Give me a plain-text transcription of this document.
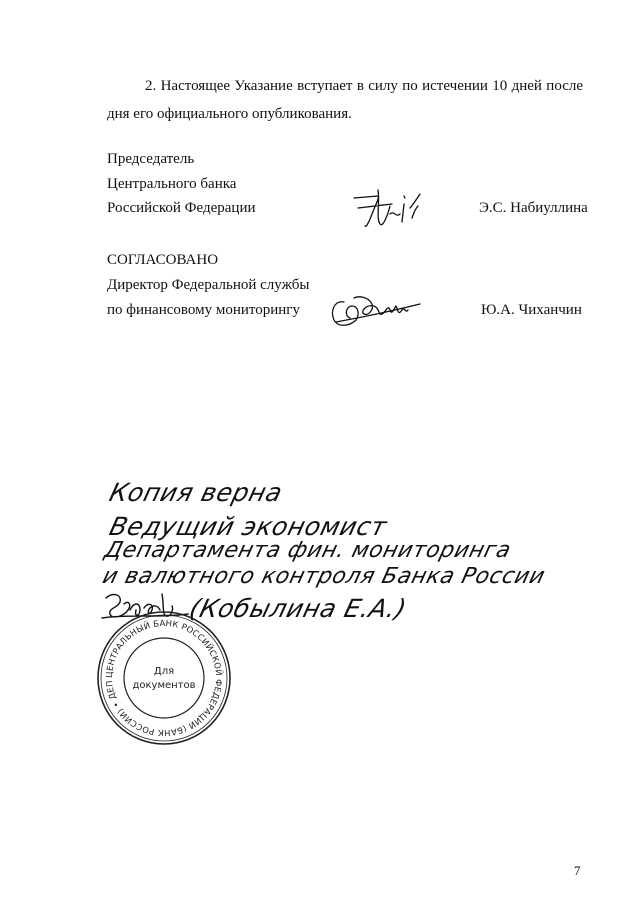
2. Настоящее Указание вступает в силу по истечении 10 дней после
дня его официального опубликования.
Председатель
Центрального банка
Российской Федерации	Э.С. Набиуллина
СОГЛАСОВАНО
Директор Федеральной службы
по финансовому мониторингу	Ю.А. Чиханчин
Копия верна
Ведущий экономист
Департамента фин. мониторинга
и валютного контроля Банка России
(Кобылина Е.А.)
ЦЕНТРАЛЬНЫЙ БАНК РОССИЙСКОЙ ФЕДЕРАЦИИ (БАНК РОССИИ) • ДЕПАРТАМЕНТ ФИНАНСОВОГО МОНИТОРИНГА И ВАЛЮТНОГО КОНТРОЛЯ •
Для
документов
7
